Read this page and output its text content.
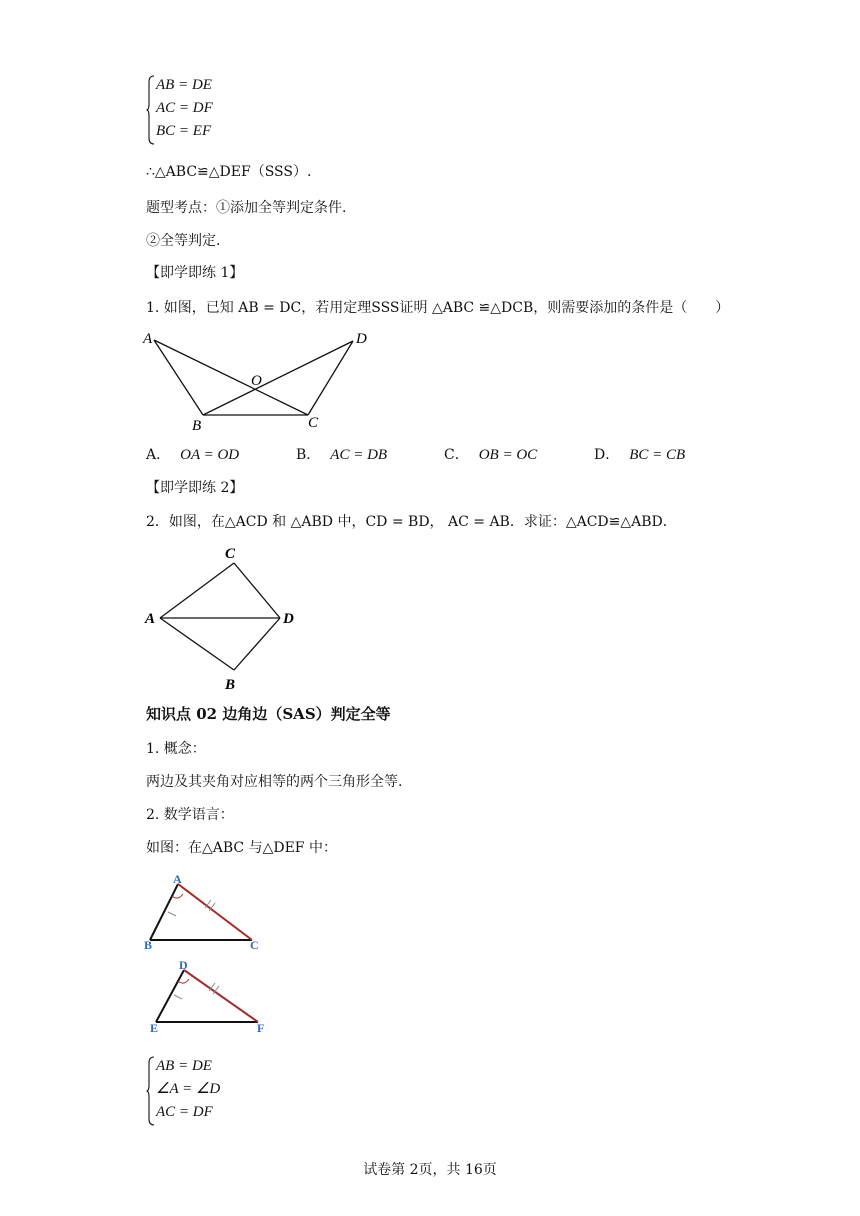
AB = DE
AC = DF
BC = EF
∴△ABC≌△DEF（SSS）.
题型考点：①添加全等判定条件.
②全等判定.
【即学即练 1】
1. 如图，已知 AB = DC，若用定理SSS证明 △ABC ≌△DCB，则需要添加的条件是（　　）
A	D
O
B	C
A． OA = OD	B． AC = DB	C． OB = OC	D． BC = CB
【即学即练 2】
2．如图，在△ACD 和 △ABD 中，CD = BD， AC = AB．求证：△ACD≌△ABD．
C
A	D
B
知识点 02 边角边（SAS）判定全等
1. 概念：
两边及其夹角对应相等的两个三角形全等.
2. 数学语言：
如图：在△ABC 与△DEF 中：
A
B	C
D
E	F
AB = DE
∠A = ∠D
AC = DF
试卷第 2页，共 16页
